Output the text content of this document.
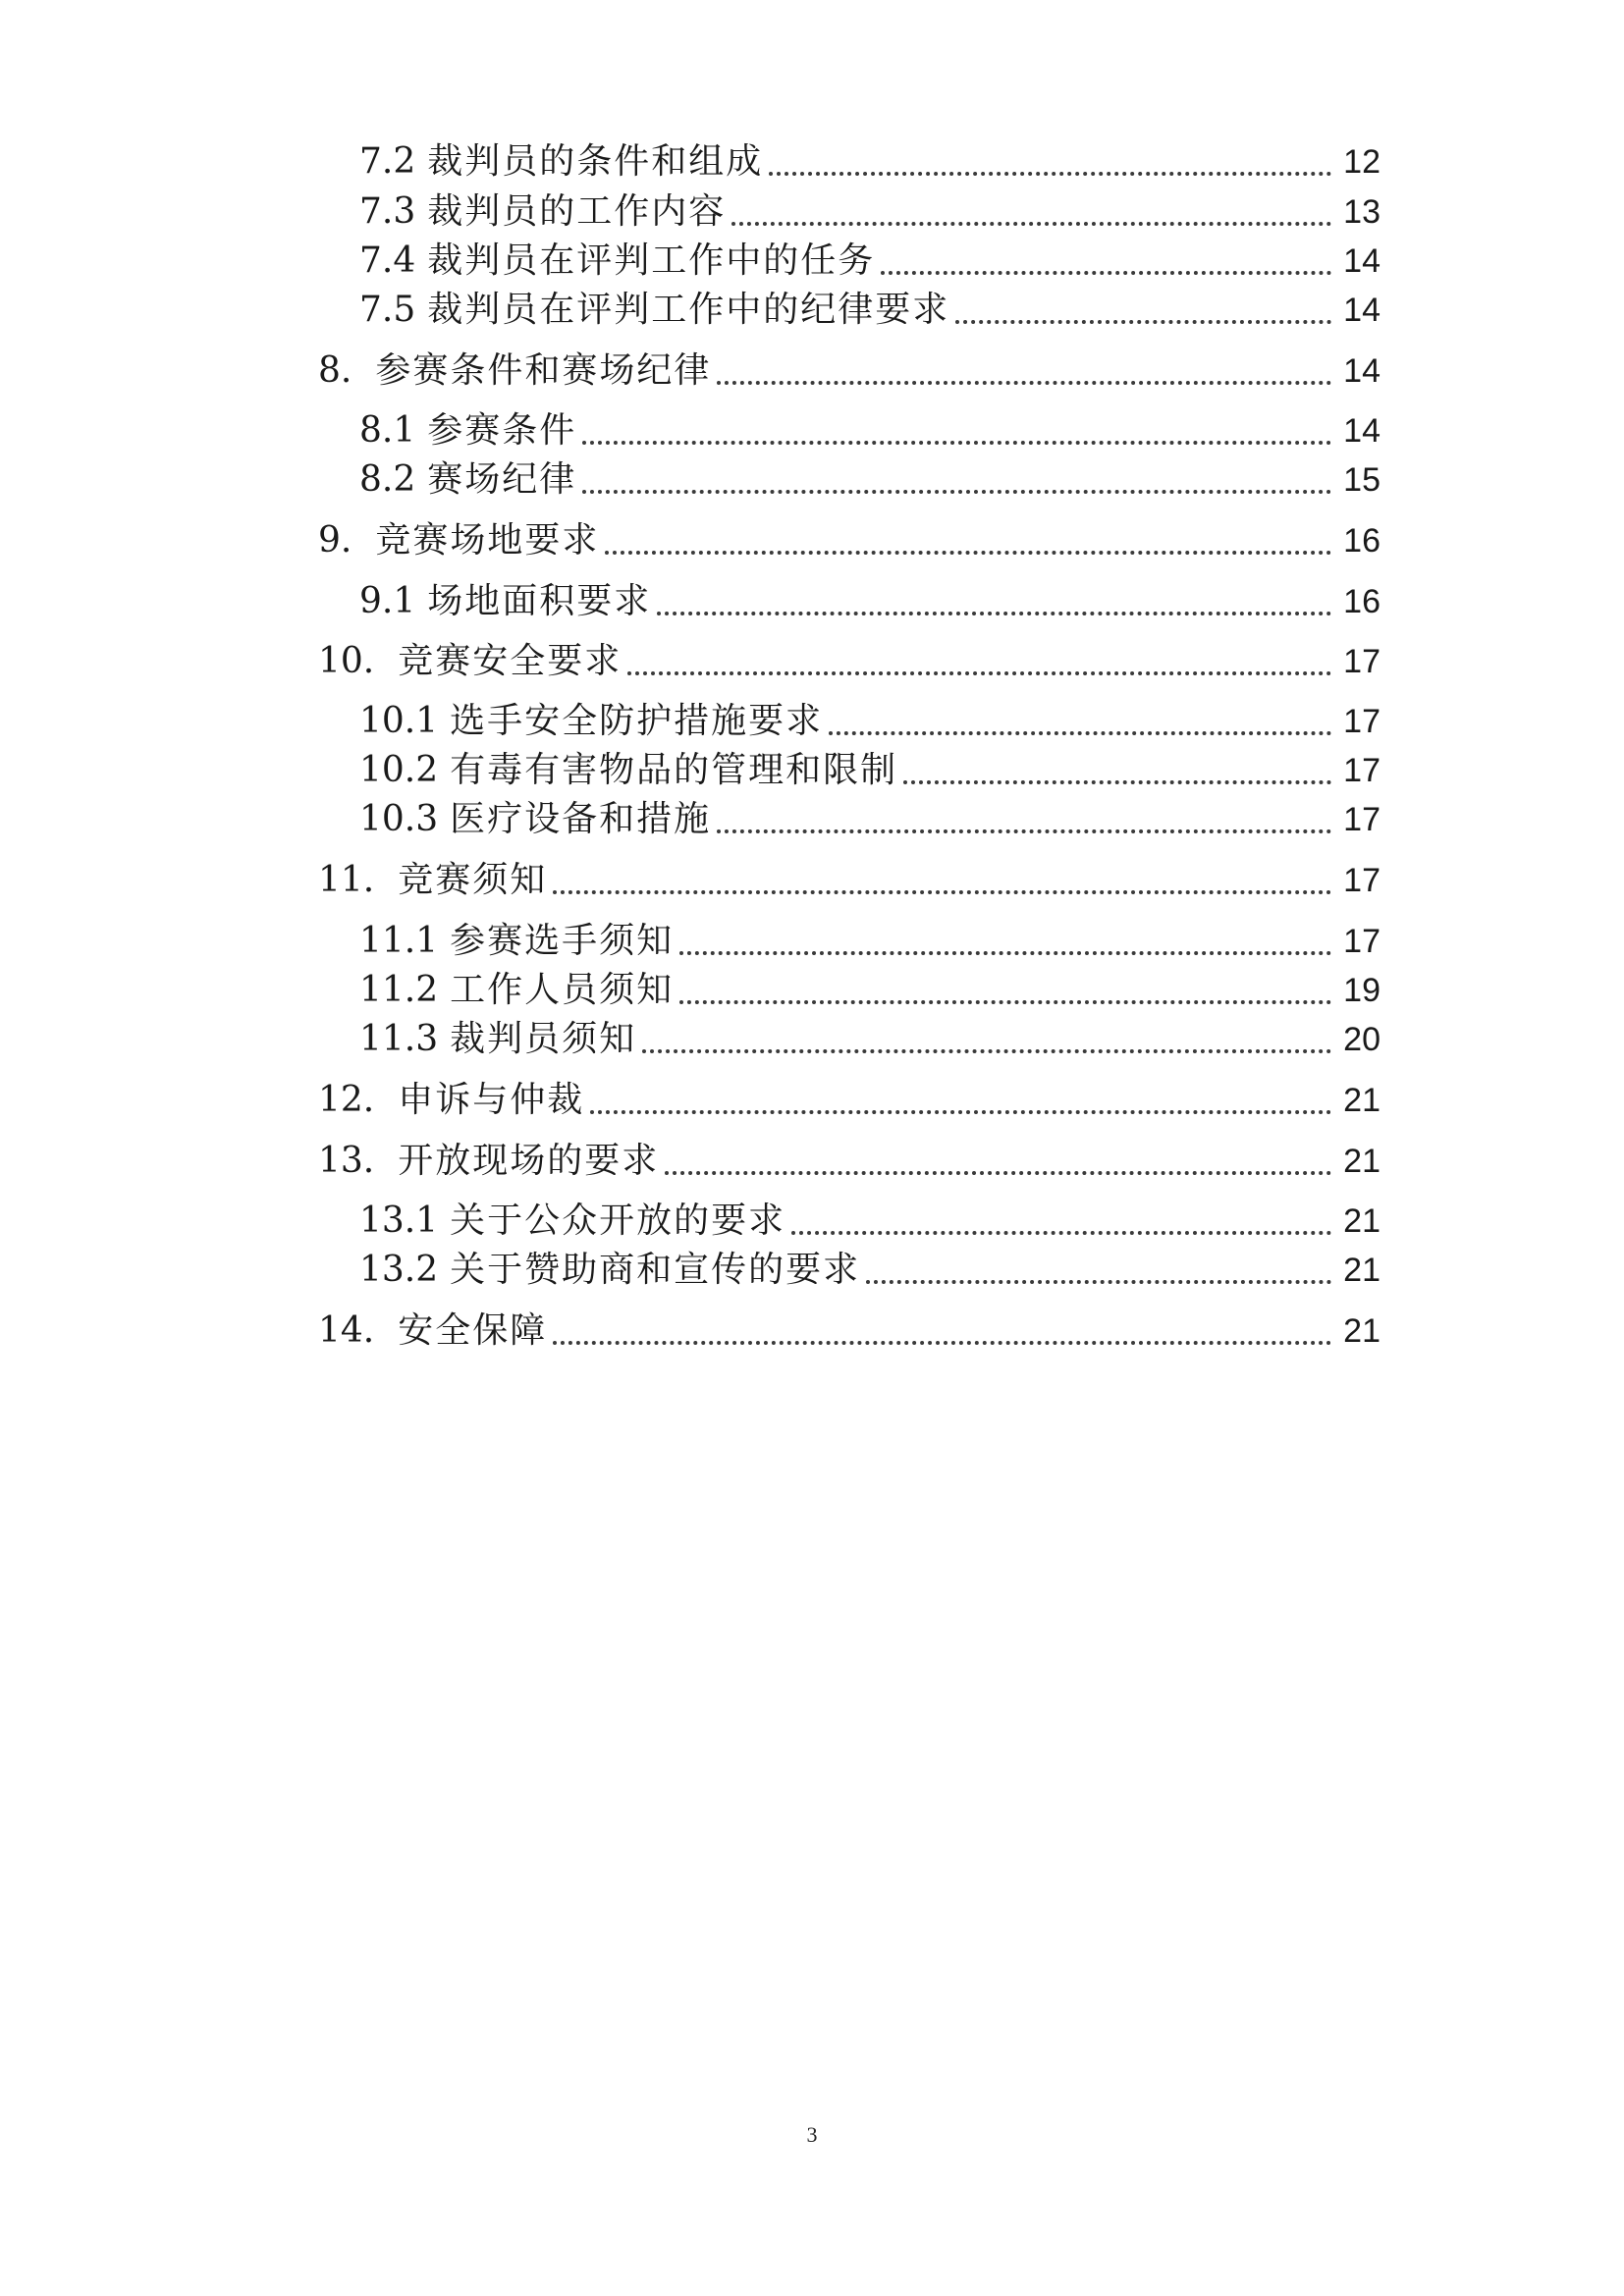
7.2 裁判员的条件和组成	12
7.3 裁判员的工作内容	13
7.4 裁判员在评判工作中的任务	14
7.5 裁判员在评判工作中的纪律要求	14
8. 参赛条件和赛场纪律	14
8.1 参赛条件	14
8.2 赛场纪律	15
9. 竞赛场地要求	16
9.1 场地面积要求	16
10. 竞赛安全要求	17
10.1 选手安全防护措施要求	17
10.2 有毒有害物品的管理和限制	17
10.3 医疗设备和措施	17
11. 竞赛须知	17
11.1 参赛选手须知	17
11.2 工作人员须知	19
11.3 裁判员须知	20
12. 申诉与仲裁	21
13. 开放现场的要求	21
13.1 关于公众开放的要求	21
13.2 关于赞助商和宣传的要求	21
14. 安全保障	21
3
